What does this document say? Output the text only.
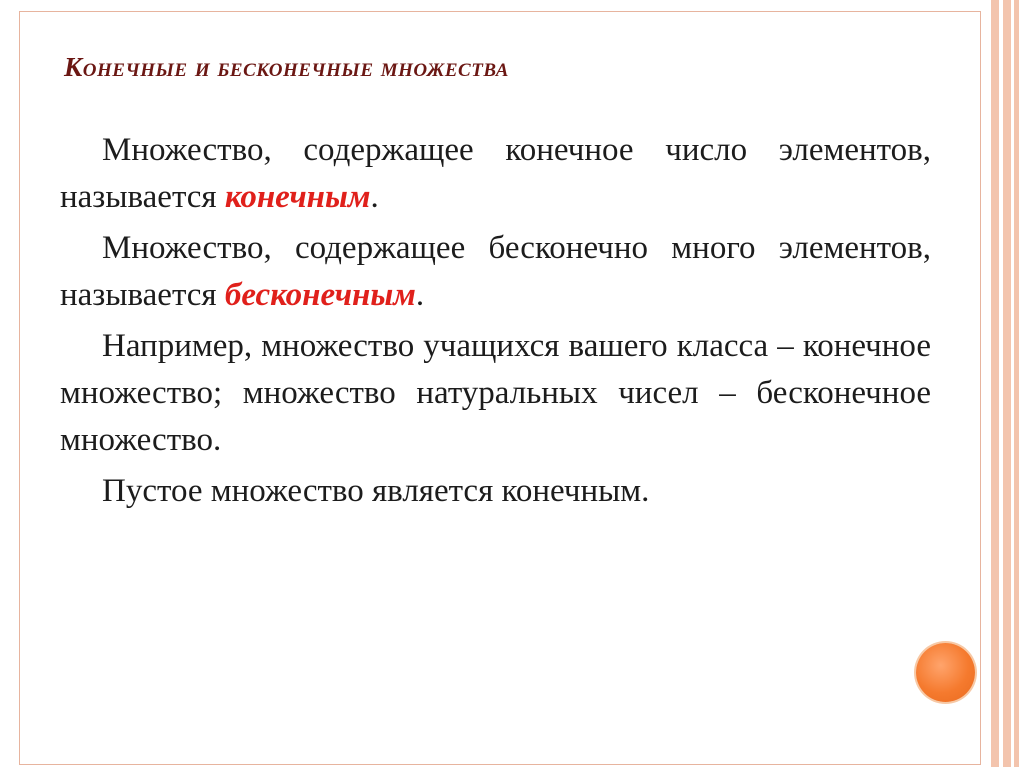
Конечные и бесконечные множества

Множество, содержащее конечное число элементов, называется конечным.

Множество, содержащее бесконечно много элементов, называется бесконечным.

Например, множество учащихся вашего класса – конечное множество; множество натуральных чисел – бесконечное множество.

Пустое множество является конечным.
